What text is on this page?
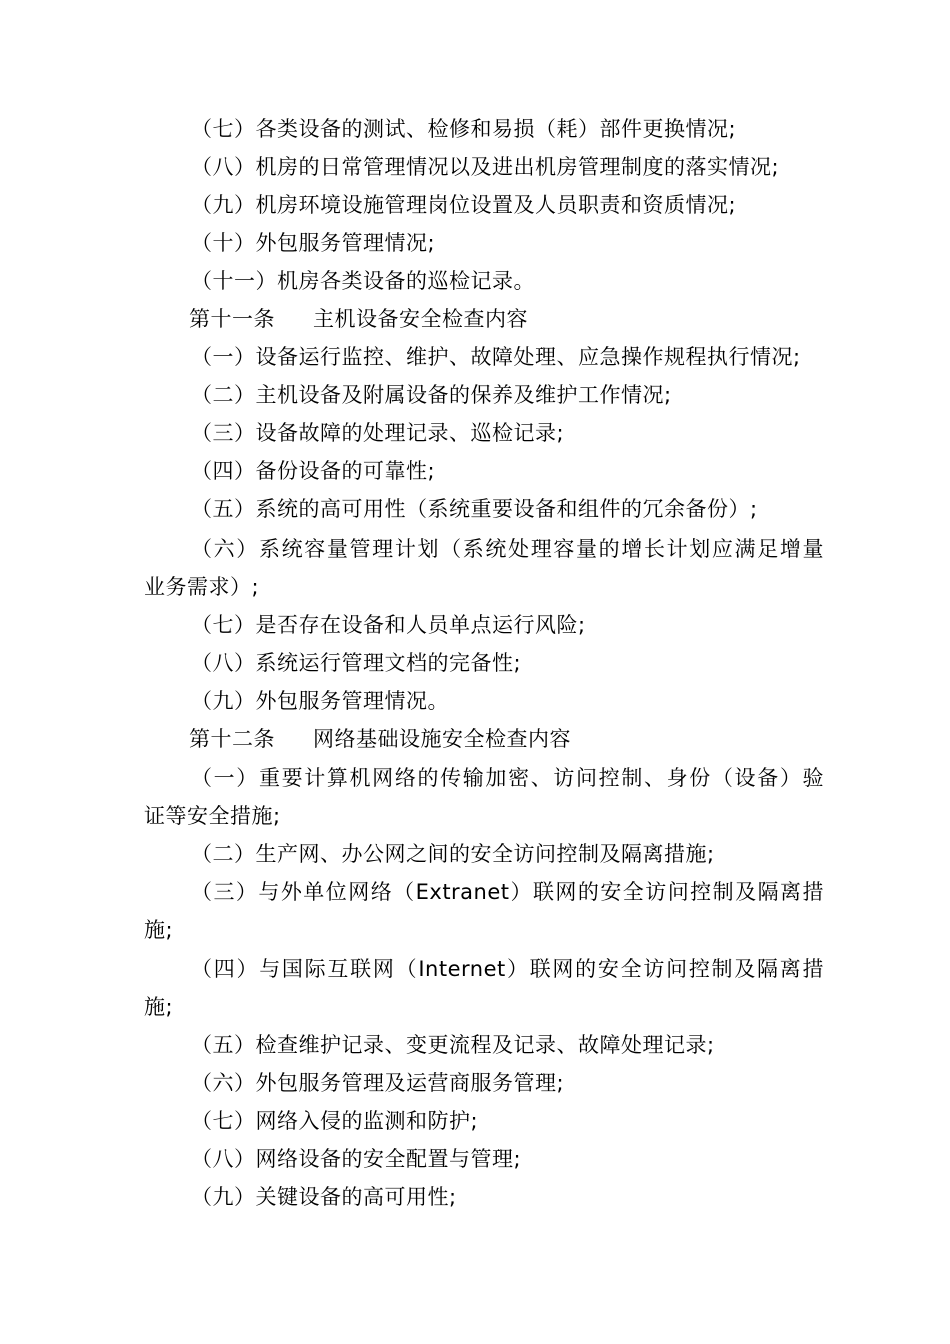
（七）各类设备的测试、检修和易损（耗）部件更换情况;
（八）机房的日常管理情况以及进出机房管理制度的落实情况;
（九）机房环境设施管理岗位设置及人员职责和资质情况;
（十）外包服务管理情况;
（十一）机房各类设备的巡检记录。
第十一条 主机设备安全检查内容
（一）设备运行监控、维护、故障处理、应急操作规程执行情况;
（二）主机设备及附属设备的保养及维护工作情况;
（三）设备故障的处理记录、巡检记录;
（四）备份设备的可靠性;
（五）系统的高可用性（系统重要设备和组件的冗余备份）;
（六）系统容量管理计划（系统处理容量的增长计划应满足增量
业务需求）;
（七）是否存在设备和人员单点运行风险;
（八）系统运行管理文档的完备性;
（九）外包服务管理情况。
第十二条 网络基础设施安全检查内容
（一）重要计算机网络的传输加密、访问控制、身份（设备）验
证等安全措施;
（二）生产网、办公网之间的安全访问控制及隔离措施;
（三）与外单位网络（Extranet）联网的安全访问控制及隔离措
施;
（四）与国际互联网（Internet）联网的安全访问控制及隔离措
施;
（五）检查维护记录、变更流程及记录、故障处理记录;
（六）外包服务管理及运营商服务管理;
（七）网络入侵的监测和防护;
（八）网络设备的安全配置与管理;
（九）关键设备的高可用性;
